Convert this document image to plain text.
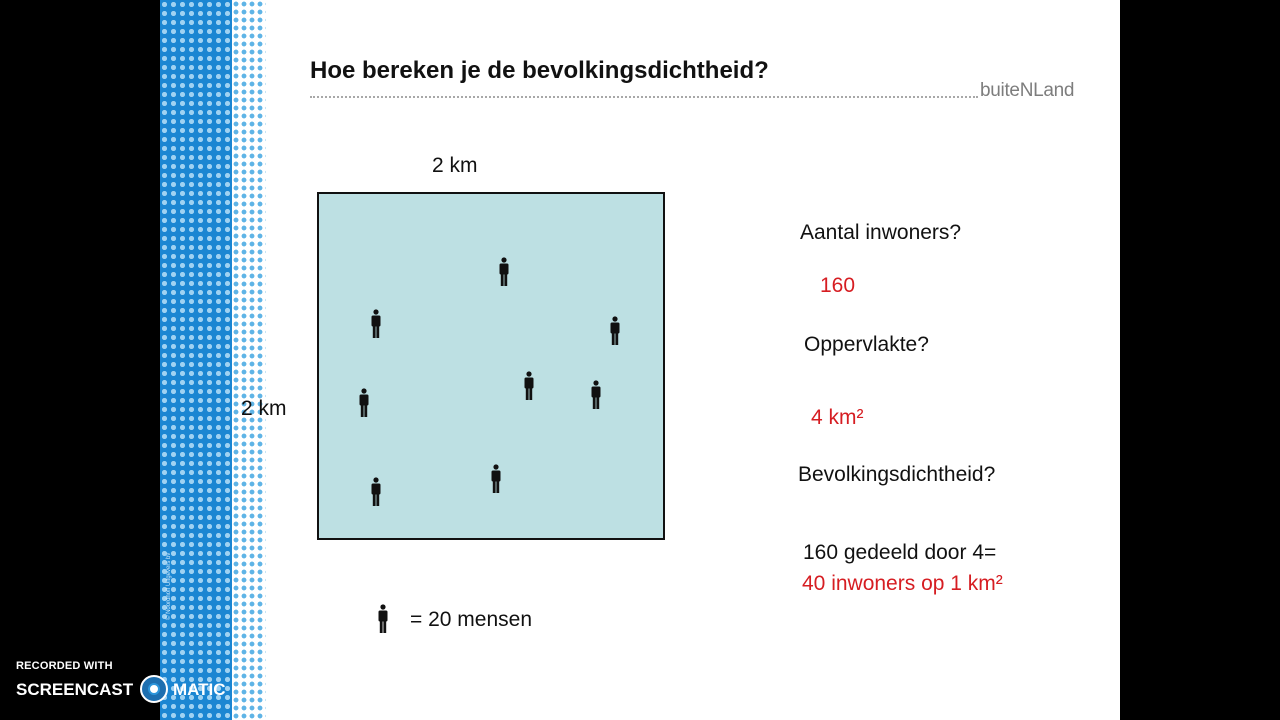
© Noordhoff Uitgevers bv
Hoe bereken je de bevolkingsdichtheid?
buiteNLand
2 km
2 km
= 20 mensen
Aantal inwoners?
160
Oppervlakte?
4 km²
Bevolkingsdichtheid?
160 gedeeld door 4=
40 inwoners op 1 km²
RECORDED WITH
SCREENCAST MATIC
